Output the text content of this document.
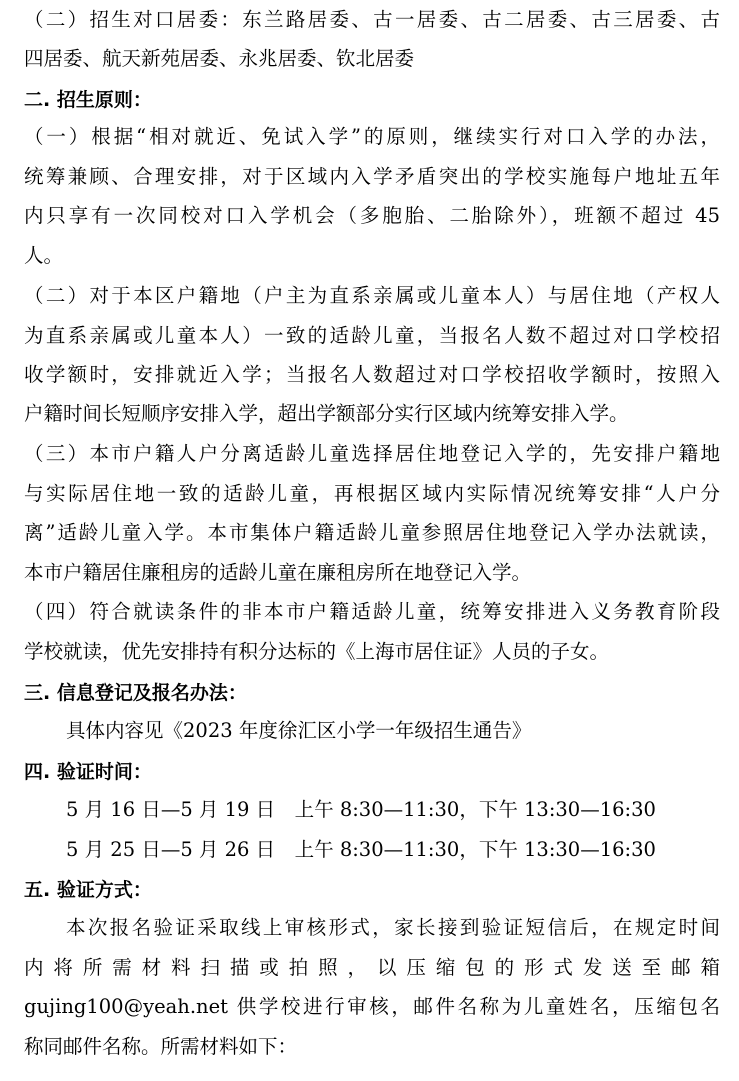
（二）招生对口居委：东兰路居委、古一居委、古二居委、古三居委、古
四居委、航天新苑居委、永兆居委、钦北居委
二. 招生原则：
（一）根据“相对就近、免试入学”的原则，继续实行对口入学的办法，
统筹兼顾、合理安排，对于区域内入学矛盾突出的学校实施每户地址五年
内只享有一次同校对口入学机会（多胞胎、二胎除外），班额不超过 45
人。
（二）对于本区户籍地（户主为直系亲属或儿童本人）与居住地（产权人
为直系亲属或儿童本人）一致的适龄儿童，当报名人数不超过对口学校招
收学额时，安排就近入学；当报名人数超过对口学校招收学额时，按照入
户籍时间长短顺序安排入学，超出学额部分实行区域内统筹安排入学。
（三）本市户籍人户分离适龄儿童选择居住地登记入学的，先安排户籍地
与实际居住地一致的适龄儿童，再根据区域内实际情况统筹安排“人户分
离”适龄儿童入学。本市集体户籍适龄儿童参照居住地登记入学办法就读，
本市户籍居住廉租房的适龄儿童在廉租房所在地登记入学。
（四）符合就读条件的非本市户籍适龄儿童，统筹安排进入义务教育阶段
学校就读，优先安排持有积分达标的《上海市居住证》人员的子女。
三. 信息登记及报名办法：
具体内容见《2023 年度徐汇区小学一年级招生通告》
四. 验证时间：
5 月 16 日—5 月 19 日　上午 8:30—11:30，下午 13:30—16:30
5 月 25 日—5 月 26 日　上午 8:30—11:30，下午 13:30—16:30
五. 验证方式：
本次报名验证采取线上审核形式，家长接到验证短信后，在规定时间
内将所需材料扫描或拍照，以压缩包的形式发送至邮箱
gujing100@yeah.net 供学校进行审核，邮件名称为儿童姓名，压缩包名
称同邮件名称。所需材料如下：
